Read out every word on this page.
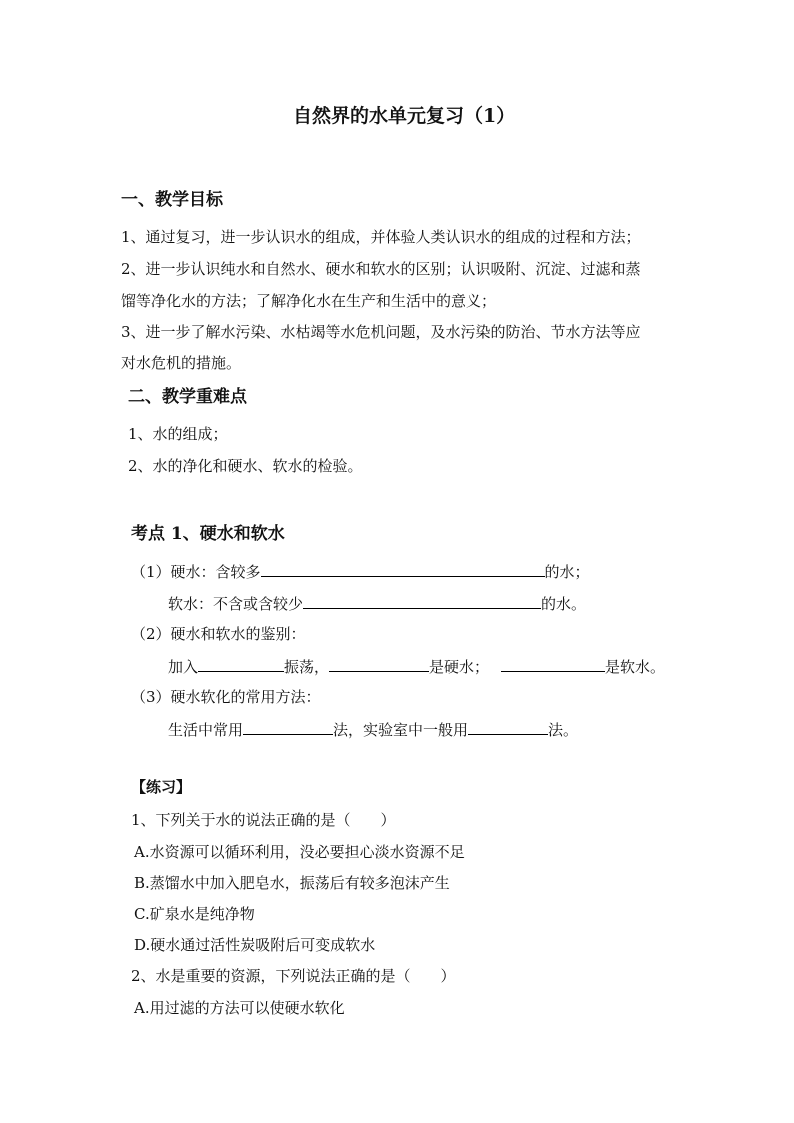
自然界的水单元复习（1）
一、教学目标
1、通过复习，进一步认识水的组成，并体验人类认识水的组成的过程和方法；
2、进一步认识纯水和自然水、硬水和软水的区别；认识吸附、沉淀、过滤和蒸
馏等净化水的方法；了解净化水在生产和生活中的意义；
3、进一步了解水污染、水枯竭等水危机问题，及水污染的防治、节水方法等应
对水危机的措施。
二、教学重难点
1、水的组成；
2、水的净化和硬水、软水的检验。
考点 1、硬水和软水
（1）硬水：含较多	的水；
软水：不含或含较少	的水。
（2）硬水和软水的鉴别：
加入	振荡，	是硬水；	是软水。
（3）硬水软化的常用方法：
生活中常用	法，实验室中一般用	法。
【练习】
1、下列关于水的说法正确的是（　　）
A.水资源可以循环利用，没必要担心淡水资源不足
B.蒸馏水中加入肥皂水，振荡后有较多泡沫产生
C.矿泉水是纯净物
D.硬水通过活性炭吸附后可变成软水
2、水是重要的资源，下列说法正确的是（　　）
A.用过滤的方法可以使硬水软化
